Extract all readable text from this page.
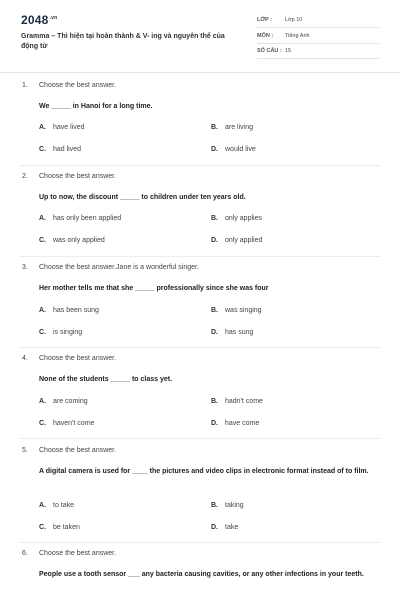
$2048^{.vn}$
Gramma – Thì hiện tại hoàn thành & V- ing và nguyên thể của động từ
LỚP : Lớp 10
MÔN : Tiếng Anh
SỐ CÂU : 15
1. Choose the best answer.
We _____ in Hanoi for a long time.
A. have lived	B. are living
C. had lived	D. would live
2. Choose the best answer.
Up to now, the discount _____ to children under ten years old.
A. has only been applied	B. only applies
C. was only applied	D. only applied
3. Choose the best answer.Jane is a wonderful singer.
Her mother tells me that she _____ professionally since she was four
A. has been sung	B. was singing
C. is singing	D. has sung
4. Choose the best answer.
None of the students _____ to class yet.
A. are coming	B. hadn't come
C. haven't come	D. have come
5. Choose the best answer.
A digital camera is used for ____ the pictures and video clips in electronic format instead of to film.
A. to take	B. taking
C. be taken	D. take
6. Choose the best answer.
People use a tooth sensor ___ any bacteria causing cavities, or any other infections in your teeth.
